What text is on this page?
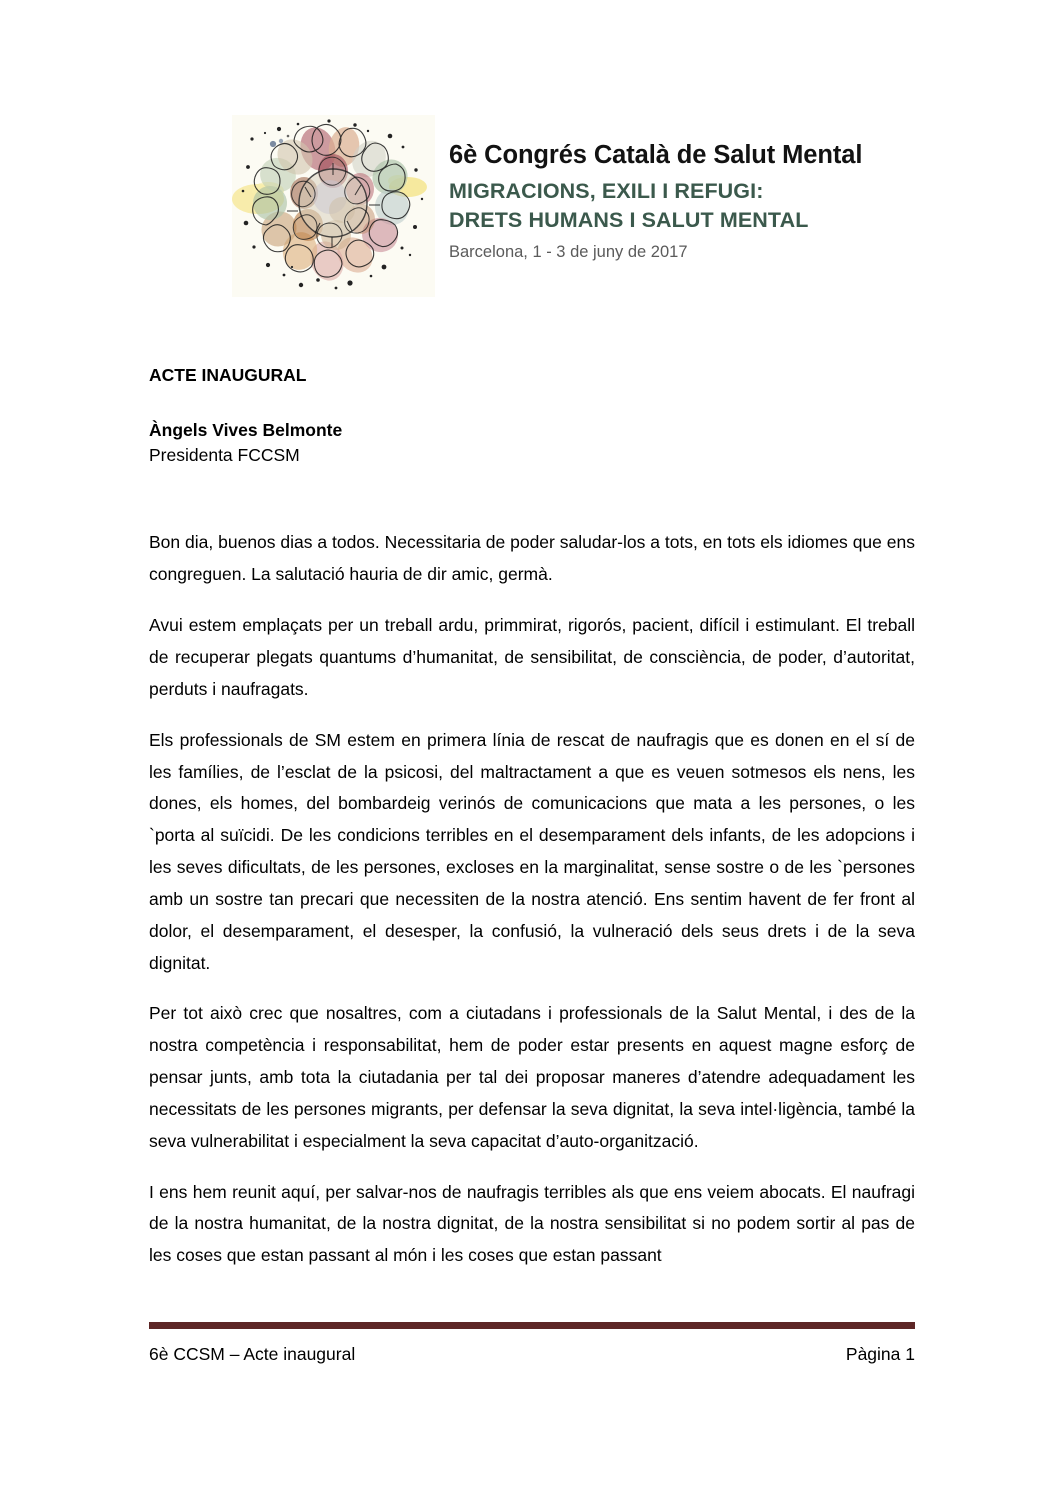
6è Congrés Català de Salut Mental
MIGRACIONS, EXILI I REFUGI:
DRETS HUMANS I SALUT MENTAL
Barcelona, 1 - 3 de juny de 2017
ACTE INAUGURAL
Àngels Vives Belmonte
Presidenta FCCSM

Bon dia, buenos dias a todos. Necessitaria de poder saludar-los a tots, en tots els idiomes que ens congreguen. La salutació hauria de dir amic, germà.

Avui estem emplaçats per un treball ardu, primmirat, rigorós, pacient, difícil i estimulant. El treball de recuperar plegats quantums d’humanitat, de sensibilitat, de consciència, de poder, d’autoritat, perduts i naufragats.

Els professionals de SM estem en primera línia de rescat de naufragis que es donen en el sí de les famílies, de l’esclat de la psicosi, del maltractament a que es veuen sotmesos els nens, les dones, els homes, del bombardeig verinós de comunicacions que mata a les persones, o les `porta al suïcidi. De les condicions terribles en el desemparament dels infants, de les adopcions i les seves dificultats, de les persones, excloses en la marginalitat, sense sostre o de les `persones amb un sostre tan precari que necessiten de la nostra atenció. Ens sentim havent de fer front al dolor, el desemparament, el desesper, la confusió, la vulneració dels seus drets i de la seva dignitat.

Per tot això crec que nosaltres, com a ciutadans i professionals de la Salut Mental, i des de la nostra competència i responsabilitat, hem de poder estar presents en aquest magne esforç de pensar junts, amb tota la ciutadania per tal dei proposar maneres d’atendre adequadament les necessitats de les persones migrants, per defensar la seva dignitat, la seva intel·ligència, també la seva vulnerabilitat i especialment la seva capacitat d’auto-organització.

I ens hem reunit aquí, per salvar-nos de naufragis terribles als que ens veiem abocats. El naufragi de la nostra humanitat, de la nostra dignitat, de la nostra sensibilitat si no podem sortir al pas de les coses que estan passant al món i les coses que estan passant

6è CCSM – Acte inaugural	Pàgina 1
